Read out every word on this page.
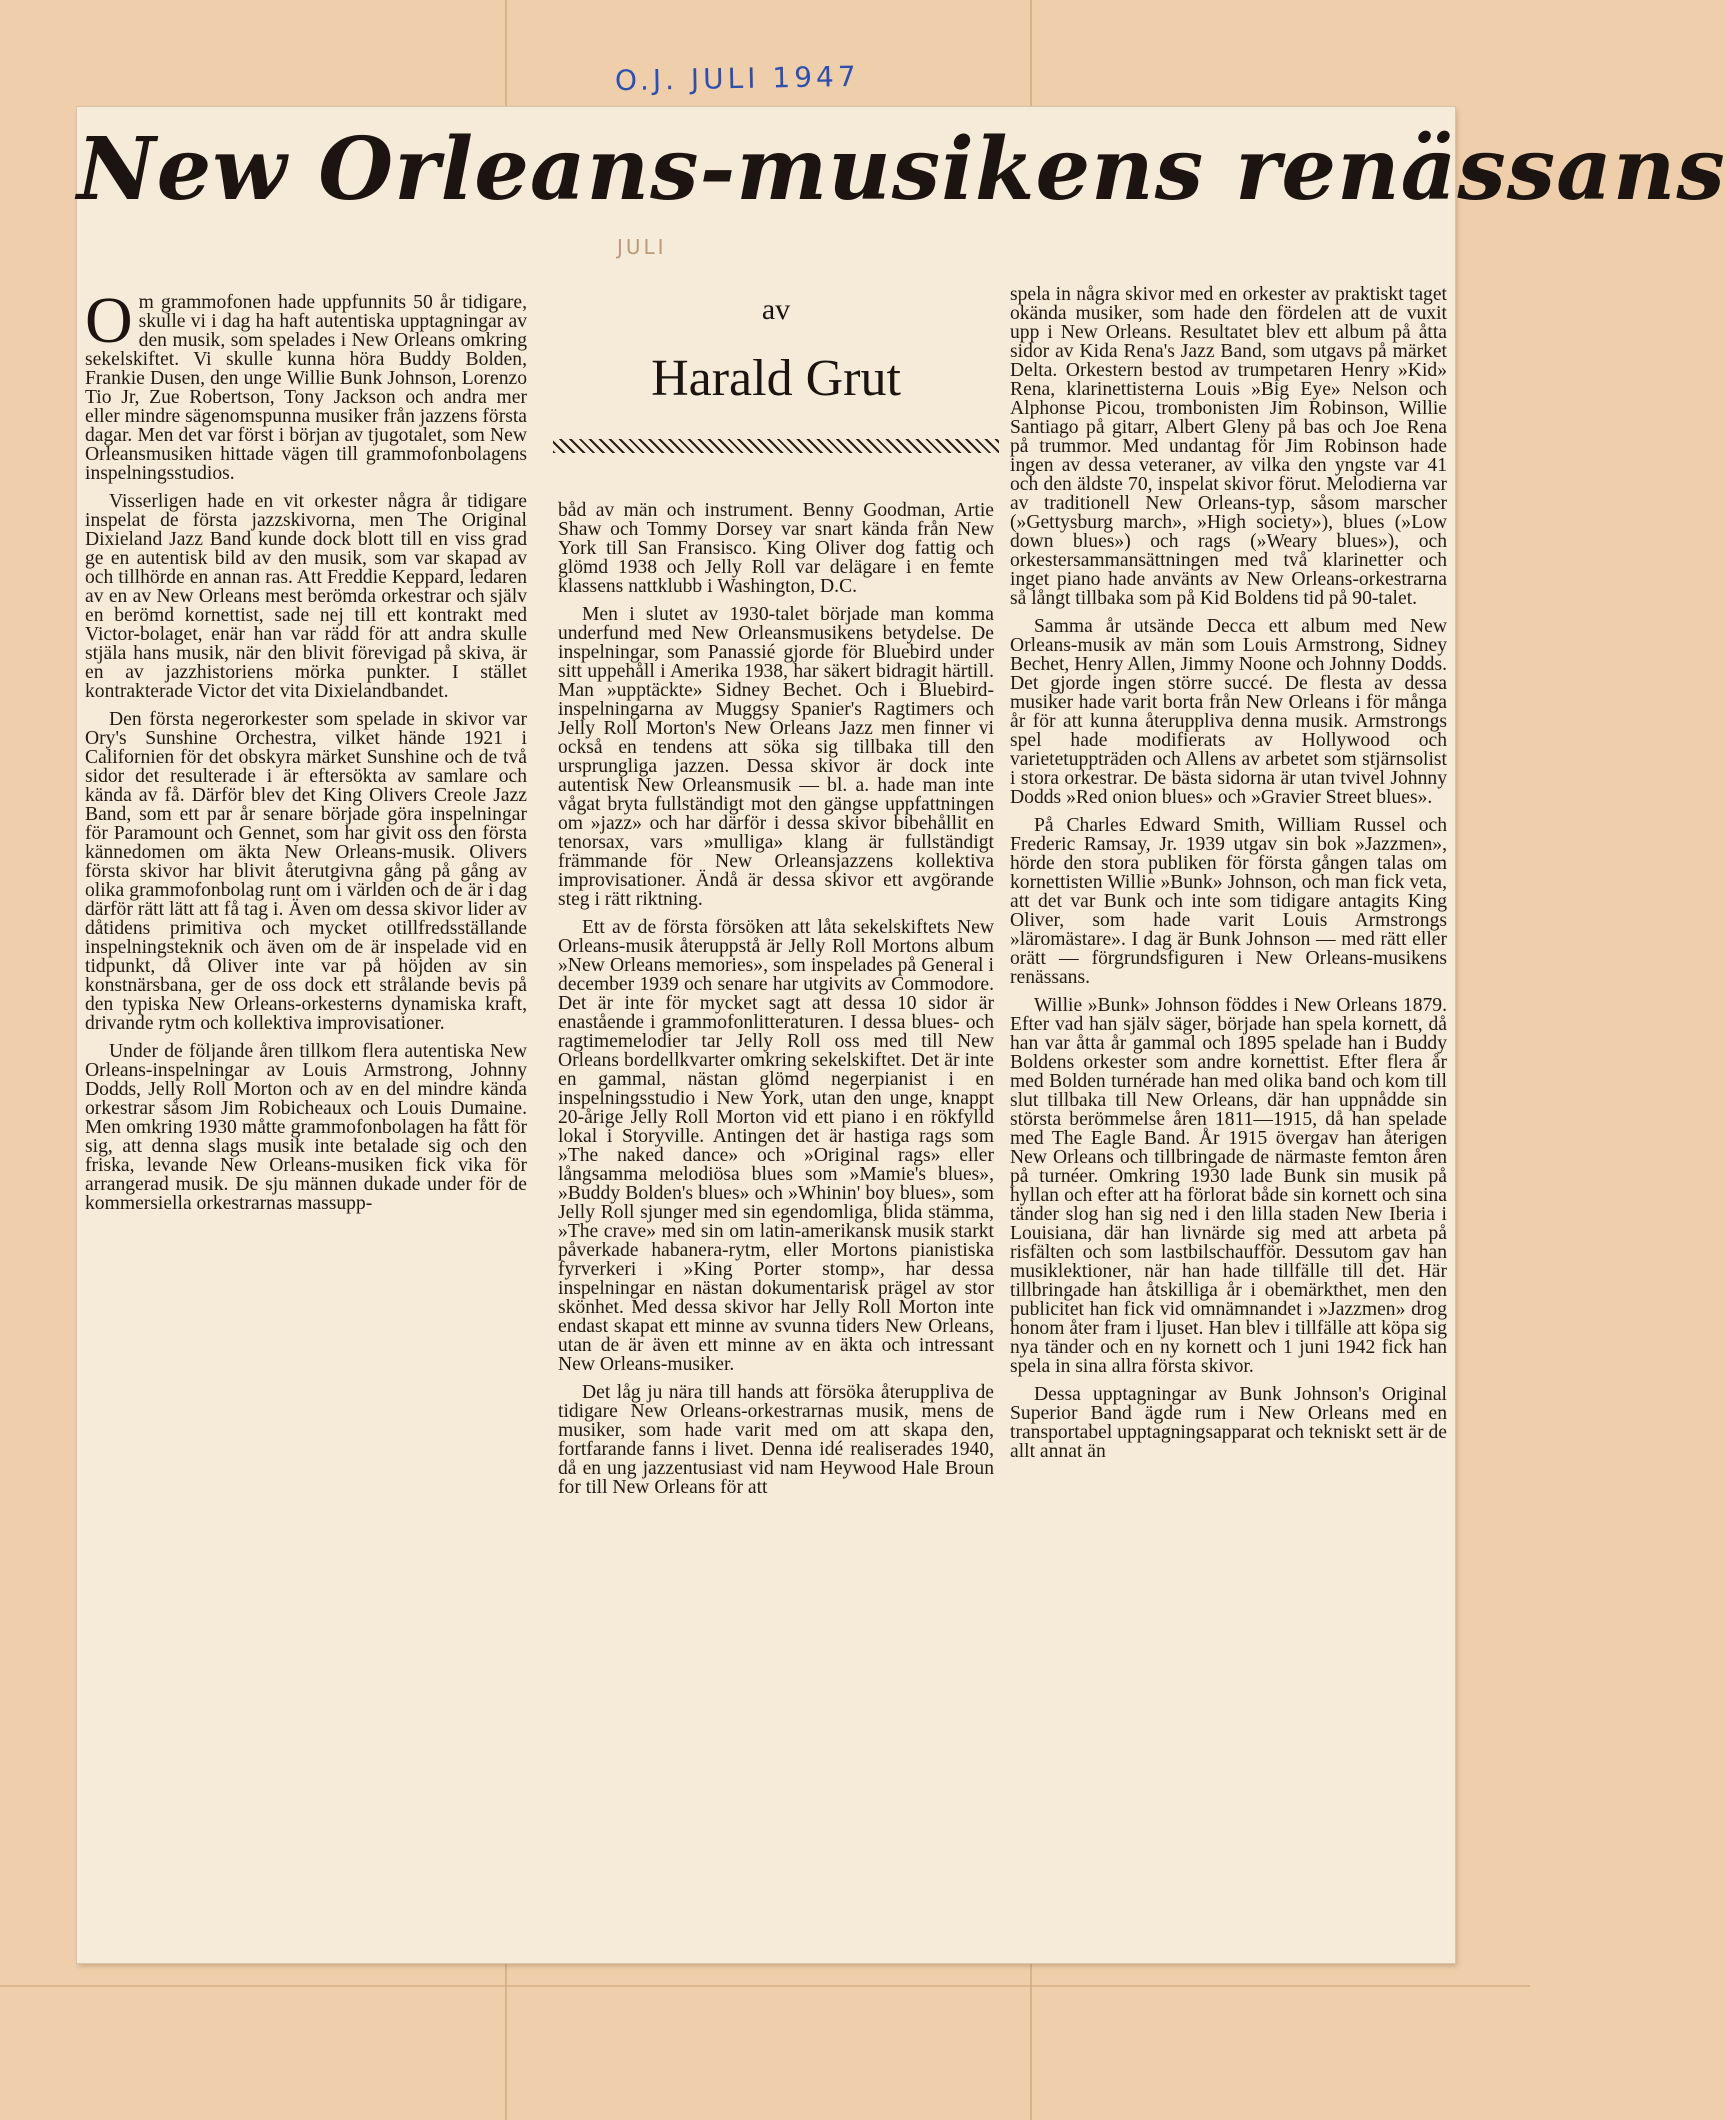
O.J. JULI 1947
New Orleans-musikens renässans
JULI
av
Harald Grut

Om grammofonen hade uppfunnits 50 år tidigare, skulle vi i dag ha haft autentiska upptagningar av den musik, som spelades i New Orleans omkring sekelskiftet. Vi skulle kunna höra Buddy Bolden, Frankie Dusen, den unge Willie Bunk Johnson, Lorenzo Tio Jr, Zue Robertson, Tony Jackson och andra mer eller mindre sägenomspunna musiker från jazzens första dagar. Men det var först i början av tjugotalet, som New Orleansmusiken hittade vägen till grammofonbolagens inspelningsstudios.

Visserligen hade en vit orkester några år tidigare inspelat de första jazzskivorna, men The Original Dixieland Jazz Band kunde dock blott till en viss grad ge en autentisk bild av den musik, som var skapad av och tillhörde en annan ras. Att Freddie Keppard, ledaren av en av New Orleans mest berömda orkestrar och själv en berömd kornettist, sade nej till ett kontrakt med Victor-bolaget, enär han var rädd för att andra skulle stjäla hans musik, när den blivit förevigad på skiva, är en av jazzhistoriens mörka punkter. I stället kontrakterade Victor det vita Dixielandbandet.

Den första negerorkester som spelade in skivor var Ory's Sunshine Orchestra, vilket hände 1921 i Californien för det obskyra märket Sunshine och de två sidor det resulterade i är eftersökta av samlare och kända av få. Därför blev det King Olivers Creole Jazz Band, som ett par år senare började göra inspelningar för Paramount och Gennet, som har givit oss den första kännedomen om äkta New Orleans-musik. Olivers första skivor har blivit återutgivna gång på gång av olika grammofonbolag runt om i världen och de är i dag därför rätt lätt att få tag i. Även om dessa skivor lider av dåtidens primitiva och mycket otillfredsställande inspelningsteknik och även om de är inspelade vid en tidpunkt, då Oliver inte var på höjden av sin konstnärsbana, ger de oss dock ett strålande bevis på den typiska New Orleans-orkesterns dynamiska kraft, drivande rytm och kollektiva improvisationer.

Under de följande åren tillkom flera autentiska New Orleans-inspelningar av Louis Armstrong, Johnny Dodds, Jelly Roll Morton och av en del mindre kända orkestrar såsom Jim Robicheaux och Louis Dumaine. Men omkring 1930 måtte grammofonbolagen ha fått för sig, att denna slags musik inte betalade sig och den friska, levande New Orleans-musiken fick vika för arrangerad musik. De sju männen dukade under för de kommersiella orkestrarnas massupp-

båd av män och instrument. Benny Goodman, Artie Shaw och Tommy Dorsey var snart kända från New York till San Fransisco. King Oliver dog fattig och glömd 1938 och Jelly Roll var delägare i en femte klassens nattklubb i Washington, D.C.

Men i slutet av 1930-talet började man komma underfund med New Orleansmusikens betydelse. De inspelningar, som Panassié gjorde för Bluebird under sitt uppehåll i Amerika 1938, har säkert bidragit härtill. Man »upptäckte» Sidney Bechet. Och i Bluebird-inspelningarna av Muggsy Spanier's Ragtimers och Jelly Roll Morton's New Orleans Jazz men finner vi också en tendens att söka sig tillbaka till den ursprungliga jazzen. Dessa skivor är dock inte autentisk New Orleansmusik — bl. a. hade man inte vågat bryta fullständigt mot den gängse uppfattningen om »jazz» och har därför i dessa skivor bibehållit en tenorsax, vars »mulliga» klang är fullständigt främmande för New Orleansjazzens kollektiva improvisationer. Ändå är dessa skivor ett avgörande steg i rätt riktning.

Ett av de första försöken att låta sekelskiftets New Orleans-musik återuppstå är Jelly Roll Mortons album »New Orleans memories», som inspelades på General i december 1939 och senare har utgivits av Commodore. Det är inte för mycket sagt att dessa 10 sidor är enastående i grammofonlitteraturen. I dessa blues- och ragtimemelodier tar Jelly Roll oss med till New Orleans bordellkvarter omkring sekelskiftet. Det är inte en gammal, nästan glömd negerpianist i en inspelningsstudio i New York, utan den unge, knappt 20-årige Jelly Roll Morton vid ett piano i en rökfylld lokal i Storyville. Antingen det är hastiga rags som »The naked dance» och »Original rags» eller långsamma melodiösa blues som »Mamie's blues», »Buddy Bolden's blues» och »Whinin' boy blues», som Jelly Roll sjunger med sin egendomliga, blida stämma, »The crave» med sin om latin-amerikansk musik starkt påverkade habanera-rytm, eller Mortons pianistiska fyrverkeri i »King Porter stomp», har dessa inspelningar en nästan dokumentarisk prägel av stor skönhet. Med dessa skivor har Jelly Roll Morton inte endast skapat ett minne av svunna tiders New Orleans, utan de är även ett minne av en äkta och intressant New Orleans-musiker.

Det låg ju nära till hands att försöka återuppliva de tidigare New Orleans-orkestrarnas musik, mens de musiker, som hade varit med om att skapa den, fortfarande fanns i livet. Denna idé realiserades 1940, då en ung jazzentusiast vid nam Heywood Hale Broun for till New Orleans för att

spela in några skivor med en orkester av praktiskt taget okända musiker, som hade den fördelen att de vuxit upp i New Orleans. Resultatet blev ett album på åtta sidor av Kida Rena's Jazz Band, som utgavs på märket Delta. Orkestern bestod av trumpetaren Henry »Kid» Rena, klarinettisterna Louis »Big Eye» Nelson och Alphonse Picou, trombonisten Jim Robinson, Willie Santiago på gitarr, Albert Gleny på bas och Joe Rena på trummor. Med undantag för Jim Robinson hade ingen av dessa veteraner, av vilka den yngste var 41 och den äldste 70, inspelat skivor förut. Melodierna var av traditionell New Orleans-typ, såsom marscher (»Gettysburg march», »High society»), blues (»Low down blues») och rags (»Weary blues»), och orkestersammansättningen med två klarinetter och inget piano hade använts av New Orleans-orkestrarna så långt tillbaka som på Kid Boldens tid på 90-talet.

Samma år utsände Decca ett album med New Orleans-musik av män som Louis Armstrong, Sidney Bechet, Henry Allen, Jimmy Noone och Johnny Dodds. Det gjorde ingen större succé. De flesta av dessa musiker hade varit borta från New Orleans i för många år för att kunna återuppliva denna musik. Armstrongs spel hade modifierats av Hollywood och varietetuppträden och Allens av arbetet som stjärnsolist i stora orkestrar. De bästa sidorna är utan tvivel Johnny Dodds »Red onion blues» och »Gravier Street blues».

På Charles Edward Smith, William Russel och Frederic Ramsay, Jr. 1939 utgav sin bok »Jazzmen», hörde den stora publiken för första gången talas om kornettisten Willie »Bunk» Johnson, och man fick veta, att det var Bunk och inte som tidigare antagits King Oliver, som hade varit Louis Armstrongs »läromästare». I dag är Bunk Johnson — med rätt eller orätt — förgrundsfiguren i New Orleans-musikens renässans.

Willie »Bunk» Johnson föddes i New Orleans 1879. Efter vad han själv säger, började han spela kornett, då han var åtta år gammal och 1895 spelade han i Buddy Boldens orkester som andre kornettist. Efter flera år med Bolden turnérade han med olika band och kom till slut tillbaka till New Orleans, där han uppnådde sin största berömmelse åren 1811—1915, då han spelade med The Eagle Band. År 1915 övergav han återigen New Orleans och tillbringade de närmaste femton åren på turnéer. Omkring 1930 lade Bunk sin musik på hyllan och efter att ha förlorat både sin kornett och sina tänder slog han sig ned i den lilla staden New Iberia i Louisiana, där han livnärde sig med att arbeta på risfälten och som lastbilschaufför. Dessutom gav han musiklektioner, när han hade tillfälle till det. Här tillbringade han åtskilliga år i obemärkthet, men den publicitet han fick vid omnämnandet i »Jazzmen» drog honom åter fram i ljuset. Han blev i tillfälle att köpa sig nya tänder och en ny kornett och 1 juni 1942 fick han spela in sina allra första skivor.

Dessa upptagningar av Bunk Johnson's Original Superior Band ägde rum i New Orleans med en transportabel upptagningsapparat och tekniskt sett är de allt annat än
